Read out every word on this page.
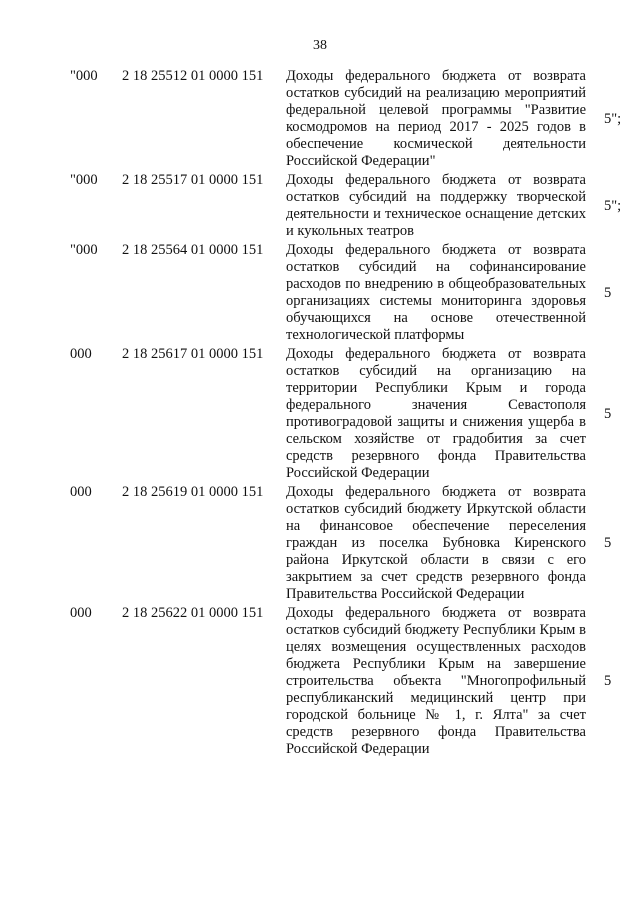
38
"000	2 18 25512 01 0000 151	Доходы федерального бюджета от возврата остатков субсидий на реализацию мероприятий федеральной целевой программы "Развитие космодромов на период 2017 - 2025 годов в обеспечение космической деятельности Российской Федерации"	5";
"000	2 18 25517 01 0000 151	Доходы федерального бюджета от возврата остатков субсидий на поддержку творческой деятельности и техническое оснащение детских и кукольных театров	5";
"000	2 18 25564 01 0000 151	Доходы федерального бюджета от возврата остатков субсидий на софинансирование расходов по внедрению в общеобразовательных организациях системы мониторинга здоровья обучающихся на основе отечественной технологической платформы	5
000	2 18 25617 01 0000 151	Доходы федерального бюджета от возврата остатков субсидий на организацию на территории Республики Крым и города федерального значения Севастополя противоградовой защиты и снижения ущерба в сельском хозяйстве от градобития за счет средств резервного фонда Правительства Российской Федерации	5
000	2 18 25619 01 0000 151	Доходы федерального бюджета от возврата остатков субсидий бюджету Иркутской области на финансовое обеспечение переселения граждан из поселка Бубновка Киренского района Иркутской области в связи с его закрытием за счет средств резервного фонда Правительства Российской Федерации	5
000	2 18 25622 01 0000 151	Доходы федерального бюджета от возврата остатков субсидий бюджету Республики Крым в целях возмещения осуществленных расходов бюджета Республики Крым на завершение строительства объекта "Многопрофильный республиканский медицинский центр при городской больнице № 1, г. Ялта" за счет средств резервного фонда Правительства Российской Федерации	5
